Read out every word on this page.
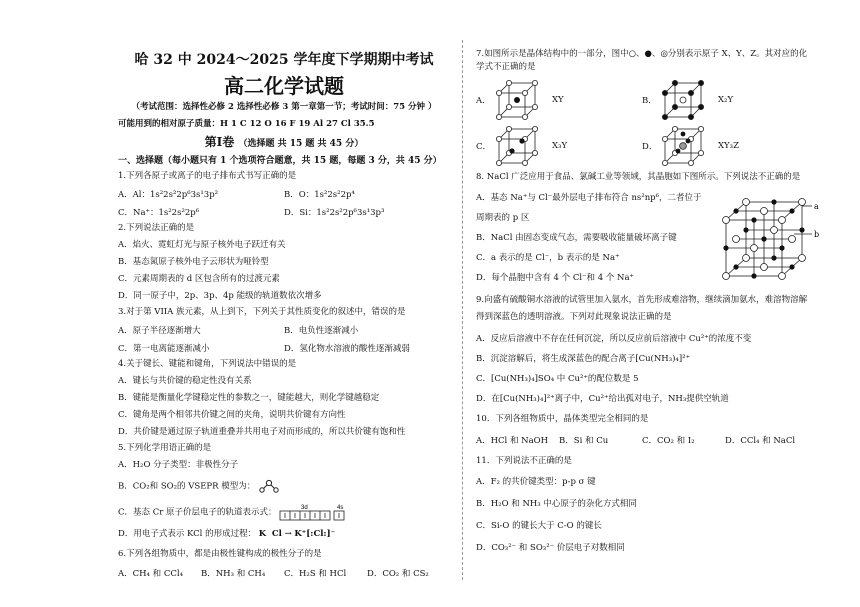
哈 32 中 2024～2025 学年度下学期期中考试
高二化学试题
（考试范围：选择性必修 2 选择性必修 3 第一章第一节；考试时间：75 分钟 ）
可能用到的相对原子质量：H 1 C 12 O 16 F 19 Al 27 Cl 35.5
第Ⅰ卷 （选择题 共 15 题 共 45 分）
一、选择题（每小题只有 1 个选项符合题意，共 15 题，每题 3 分，共 45 分）
1.下列各原子或离子的电子排布式书写正确的是
A．Al：1s²2s²2p⁶3s¹3p²	B．O：1s²2s²2p⁴
C．Na⁺：1s²2s²2p⁶	D．Si：1s²2s²2p⁶3s¹3p³
2.下列说法正确的是
A．焰火、霓虹灯光与原子核外电子跃迁有关
B．基态氮原子核外电子云形状为哑铃型
C．元素周期表的 d 区包含所有的过渡元素
D．同一原子中，2p、3p、4p 能级的轨道数依次增多
3.对于第 VIIA 族元素，从上到下，下列关于其性质变化的叙述中，错误的是
A．原子半径逐渐增大	B．电负性逐渐减小
C．第一电离能逐渐减小	D．氢化物水溶液的酸性逐渐减弱
4.关于键长、键能和键角，下列说法中错误的是
A．键长与共价键的稳定性没有关系
B．键能是衡量化学键稳定性的参数之一，键能越大，则化学键越稳定
C．键角是两个相邻共价键之间的夹角，说明共价键有方向性
D．共价键是通过原子轨道重叠并共用电子对而形成的，所以共价键有饱和性
5.下列化学用语正确的是
A．H₂O 分子类型：非极性分子
B．CO₂和 SO₂的 VSEPR 模型为：
C．基态 Cr 原子价层电子的轨道表示式：	3d	4s
D．用电子式表示 KCl 的形成过程： K Cl → K⁺[:Cl:]⁻
6.下列各组物质中，都是由极性键构成的极性分子的是
A．CH₄ 和 CCl₄	B．NH₃ 和 CH₄	C．H₂S 和 HCl	D．CO₂ 和 CS₂
7.如图所示是晶体结构中的一部分，图中○、●、◎分别表示原子 X、Y、Z。其对应的化学式不正确的是
A．	XY	B．	X₂Y
C．	X₃Y	D．	XY₃Z
8. NaCl 广泛应用于食品、氯碱工业等领域，其晶胞如下图所示。下列说法不正确的是
A．基态 Na⁺与 Cl⁻最外层电子排布符合 ns²np⁶，二者位于
周期表的 p 区
B．NaCl 由固态变成气态，需要吸收能量破坏离子键
C．a 表示的是 Cl⁻，b 表示的是 Na⁺
D．每个晶胞中含有 4 个 Cl⁻和 4 个 Na⁺
9.向盛有硫酸铜水溶液的试管里加入氨水，首先形成难溶物，继续滴加氨水，难溶物溶解得到深蓝色的透明溶液。下列对此现象说法正确的是
A．反应后溶液中不存在任何沉淀，所以反应前后溶液中 Cu²⁺的浓度不变
B．沉淀溶解后，将生成深蓝色的配合离子[Cu(NH₃)₄]²⁺
C．[Cu(NH₃)₄]SO₄ 中 Cu²⁺的配位数是 5
D．在[Cu(NH₃)₄]²⁺离子中，Cu²⁺给出孤对电子，NH₃提供空轨道
10．下列各组物质中，晶体类型完全相同的是
A．HCl 和 NaOH	B．Si 和 Cu	C．CO₂ 和 I₂	D．CCl₄ 和 NaCl
11．下列说法不正确的是
A．F₂ 的共价键类型：p-p σ 键
B．H₂O 和 NH₃ 中心原子的杂化方式相同
C．Si-O 的键长大于 C-O 的键长
D．CO₃²⁻ 和 SO₃²⁻ 价层电子对数相同
a
b
